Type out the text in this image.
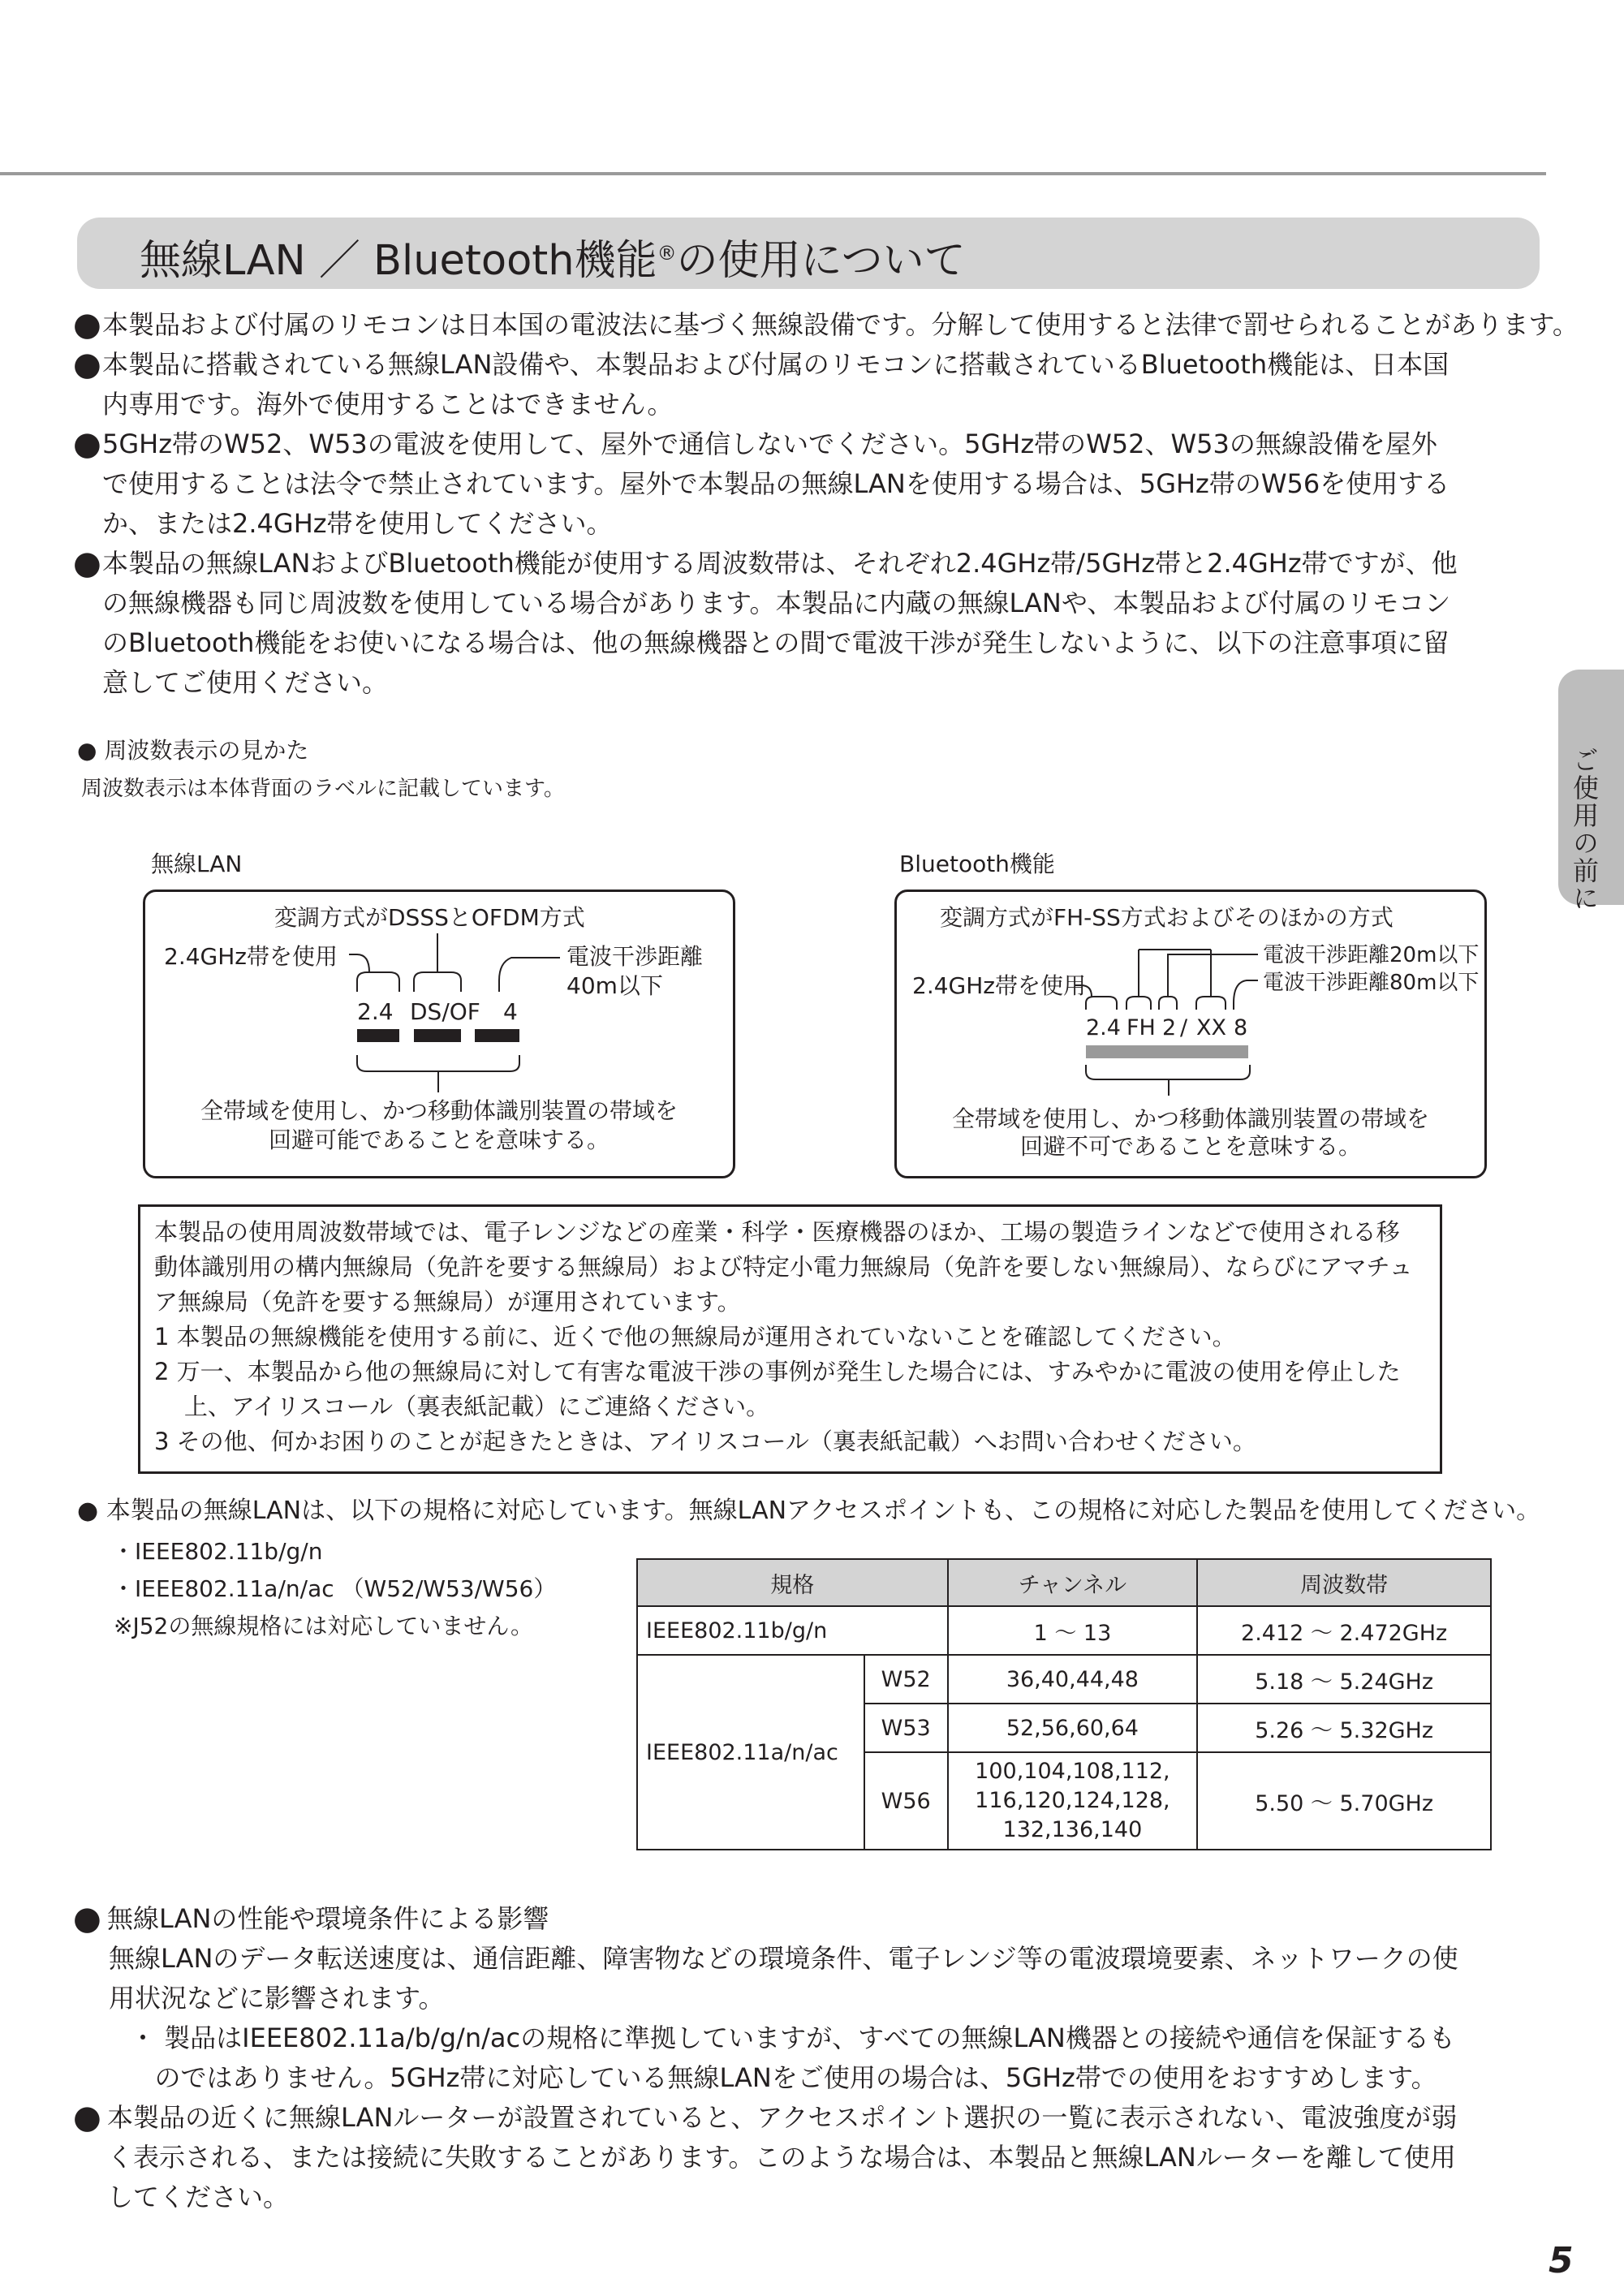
無線LAN ／ Bluetooth機能®の使用について
ご使用の前に
● 本製品および付属のリモコンは日本国の電波法に基づく無線設備です。分解して使用すると法律で罰せられることがあります。
● 本製品に搭載されている無線LAN設備や、本製品および付属のリモコンに搭載されているBluetooth機能は、日本国
内専用です。海外で使用することはできません。
● 5GHz帯のW52、W53の電波を使用して、屋外で通信しないでください。5GHz帯のW52、W53の無線設備を屋外
で使用することは法令で禁止されています。屋外で本製品の無線LANを使用する場合は、5GHz帯のW56を使用する
か、または2.4GHz帯を使用してください。
● 本製品の無線LANおよびBluetooth機能が使用する周波数帯は、それぞれ2.4GHz帯/5GHz帯と2.4GHz帯ですが、他
の無線機器も同じ周波数を使用している場合があります。本製品に内蔵の無線LANや、本製品および付属のリモコン
のBluetooth機能をお使いになる場合は、他の無線機器との間で電波干渉が発生しないように、以下の注意事項に留
意してご使用ください。
● 周波数表示の見かた
周波数表示は本体背面のラベルに記載しています。
無線LAN
変調方式がDSSSとOFDM方式
2.4GHz帯を使用	電波干渉距離
40m以下
2.4 DS/OF 4
全帯域を使用し、かつ移動体識別装置の帯域を
回避可能であることを意味する。
Bluetooth機能
変調方式がFH-SS方式およびそのほかの方式
2.4GHz帯を使用
電波干渉距離20m以下
電波干渉距離80m以下
2.4 FH 2 / XX 8
全帯域を使用し、かつ移動体識別装置の帯域を
回避不可であることを意味する。
本製品の使用周波数帯域では、電子レンジなどの産業・科学・医療機器のほか、工場の製造ラインなどで使用される移
動体識別用の構内無線局（免許を要する無線局）および特定小電力無線局（免許を要しない無線局）、ならびにアマチュ
ア無線局（免許を要する無線局）が運用されています。
1 本製品の無線機能を使用する前に、近くで他の無線局が運用されていないことを確認してください。
2 万一、本製品から他の無線局に対して有害な電波干渉の事例が発生した場合には、すみやかに電波の使用を停止した
上、アイリスコール（裏表紙記載）にご連絡ください。
3 その他、何かお困りのことが起きたときは、アイリスコール（裏表紙記載）へお問い合わせください。
● 本製品の無線LANは、以下の規格に対応しています。無線LANアクセスポイントも、この規格に対応した製品を使用してください。
・IEEE802.11b/g/n
・IEEE802.11a/n/ac （W52/W53/W56）
※J52の無線規格には対応していません。
規格		チャンネル	周波数帯
IEEE802.11b/g/n		1 〜 13	2.412 〜 2.472GHz
IEEE802.11a/n/ac	W52	36,40,44,48	5.18 〜 5.24GHz
	W53	52,56,60,64	5.26 〜 5.32GHz
	W56	100,104,108,112,
116,120,124,128,
132,136,140	5.50 〜 5.70GHz
● 無線LANの性能や環境条件による影響
無線LANのデータ転送速度は、通信距離、障害物などの環境条件、電子レンジ等の電波環境要素、ネットワークの使
用状況などに影響されます。
・ 製品はIEEE802.11a/b/g/n/acの規格に準拠していますが、すべての無線LAN機器との接続や通信を保証するも
のではありません。5GHz帯に対応している無線LANをご使用の場合は、5GHz帯での使用をおすすめします。
● 本製品の近くに無線LANルーターが設置されていると、アクセスポイント選択の一覧に表示されない、電波強度が弱
く表示される、または接続に失敗することがあります。このような場合は、本製品と無線LANルーターを離して使用
してください。
5
